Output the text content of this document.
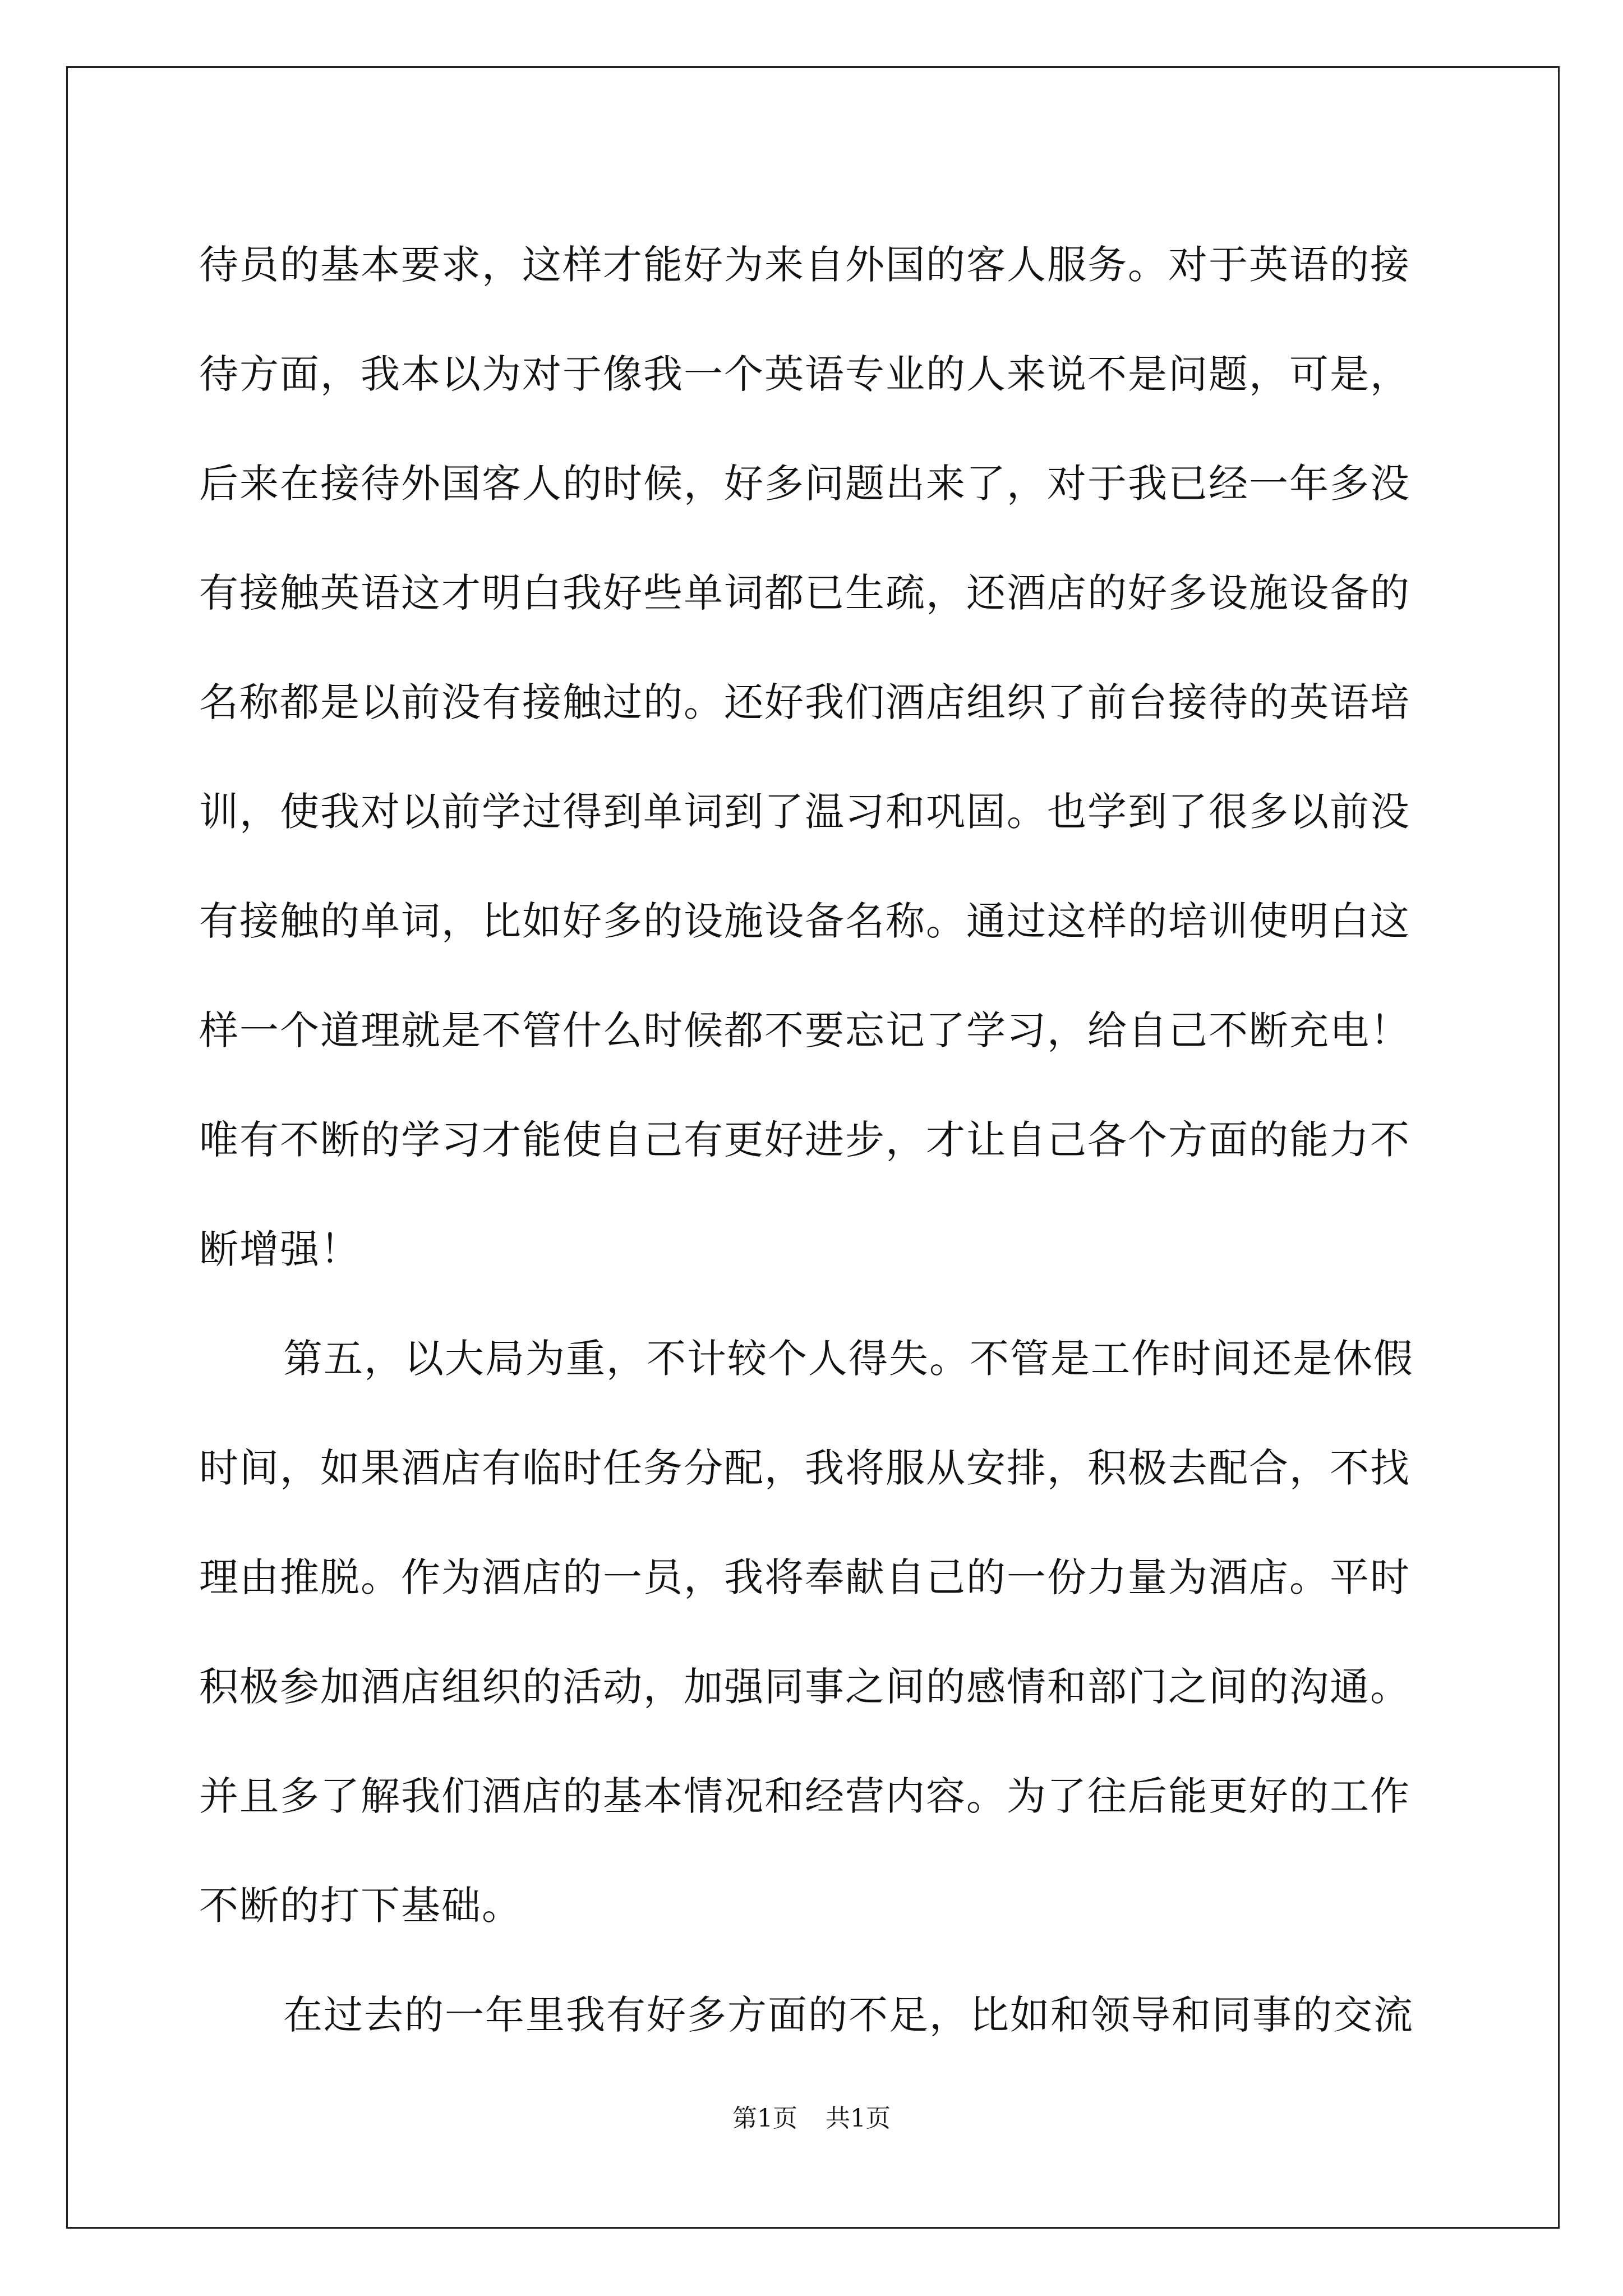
待员的基本要求，这样才能好为来自外国的客人服务。对于英语的接
待方面，我本以为对于像我一个英语专业的人来说不是问题，可是，
后来在接待外国客人的时候，好多问题出来了，对于我已经一年多没
有接触英语这才明白我好些单词都已生疏，还酒店的好多设施设备的
名称都是以前没有接触过的。还好我们酒店组织了前台接待的英语培
训，使我对以前学过得到单词到了温习和巩固。也学到了很多以前没
有接触的单词，比如好多的设施设备名称。通过这样的培训使明白这
样一个道理就是不管什么时候都不要忘记了学习，给自己不断充电！
唯有不断的学习才能使自己有更好进步，才让自己各个方面的能力不
断增强！
第五，以大局为重，不计较个人得失。不管是工作时间还是休假
时间，如果酒店有临时任务分配，我将服从安排，积极去配合，不找
理由推脱。作为酒店的一员，我将奉献自己的一份力量为酒店。平时
积极参加酒店组织的活动，加强同事之间的感情和部门之间的沟通。
并且多了解我们酒店的基本情况和经营内容。为了往后能更好的工作
不断的打下基础。
在过去的一年里我有好多方面的不足，比如和领导和同事的交流
第1页 共1页
